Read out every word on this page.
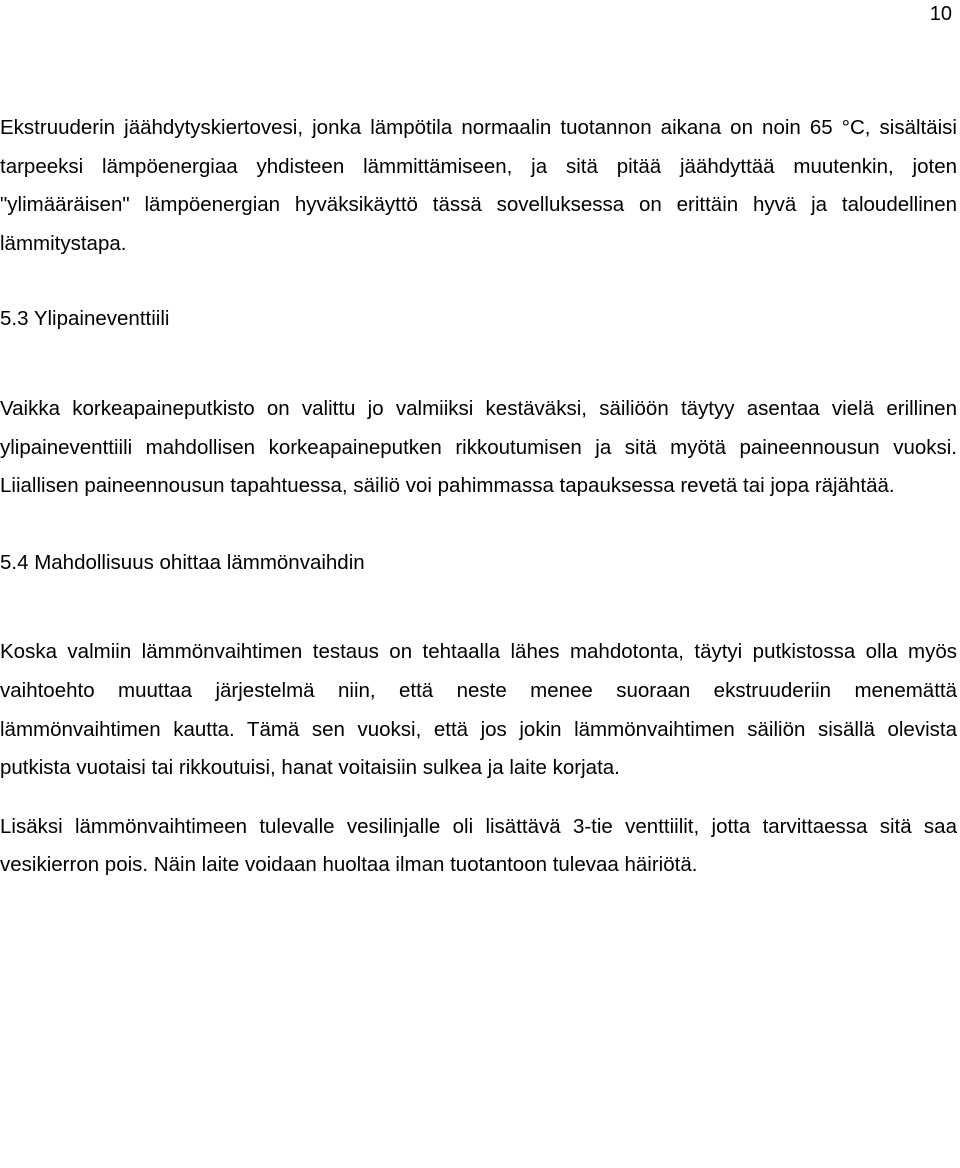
10

Ekstruuderin jäähdytyskiertovesi, jonka lämpötila normaalin tuotannon aikana on noin 65 °C, sisältäisi tarpeeksi lämpöenergiaa yhdisteen lämmittämiseen, ja sitä pitää jäähdyttää muutenkin, joten "ylimääräisen" lämpöenergian hyväksikäyttö tässä sovelluksessa on erittäin hyvä ja taloudellinen lämmitystapa.

5.3 Ylipaineventtiili

Vaikka korkeapaineputkisto on valittu jo valmiiksi kestäväksi, säiliöön täytyy asentaa vielä erillinen ylipaineventtiili mahdollisen korkeapaineputken rikkoutumisen ja sitä myötä paineennousun vuoksi. Liiallisen paineennousun tapahtuessa, säiliö voi pahimmassa tapauksessa revetä tai jopa räjähtää.

5.4 Mahdollisuus ohittaa lämmönvaihdin

Koska valmiin lämmönvaihtimen testaus on tehtaalla lähes mahdotonta, täytyi putkistossa olla myös vaihtoehto muuttaa järjestelmä niin, että neste menee suoraan ekstruuderiin menemättä lämmönvaihtimen kautta. Tämä sen vuoksi, että jos jokin lämmönvaihtimen säiliön sisällä olevista putkista vuotaisi tai rikkoutuisi, hanat voitaisiin sulkea ja laite korjata.

Lisäksi lämmönvaihtimeen tulevalle vesilinjalle oli lisättävä 3-tie venttiilit, jotta tarvittaessa sitä saa vesikierron pois. Näin laite voidaan huoltaa ilman tuotantoon tulevaa häiriötä.
